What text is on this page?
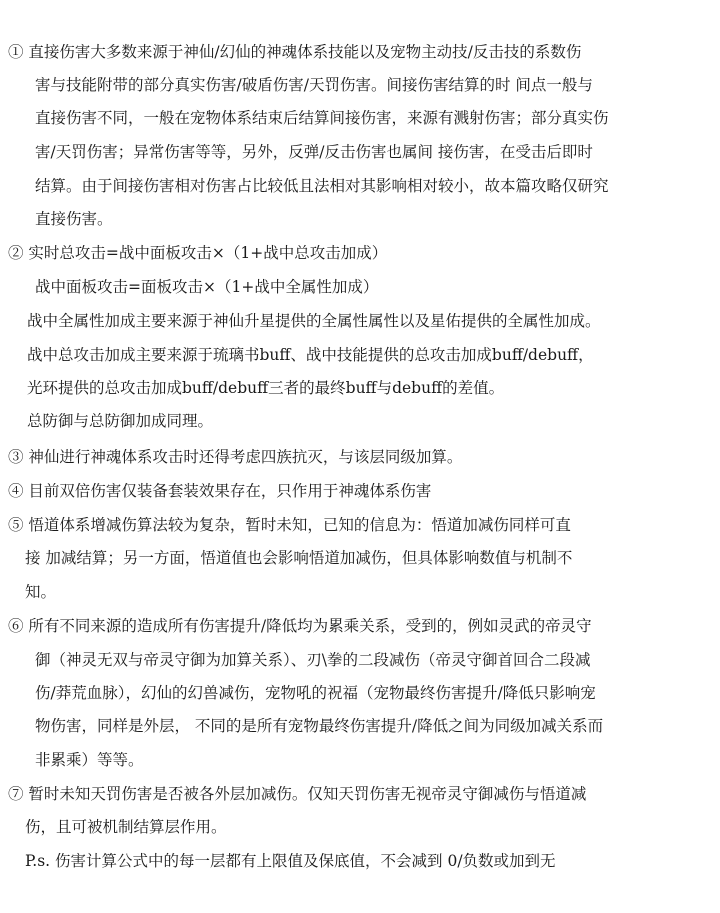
① 直接伤害大多数来源于神仙/幻仙的神魂体系技能以及宠物主动技/反击技的系数伤
害与技能附带的部分真实伤害/破盾伤害/天罚伤害。间接伤害结算的时 间点一般与
直接伤害不同，一般在宠物体系结束后结算间接伤害，来源有溅射伤害；部分真实伤
害/天罚伤害；异常伤害等等，另外，反弹/反击伤害也属间 接伤害，在受击后即时
结算。由于间接伤害相对伤害占比较低且法相对其影响相对较小，故本篇攻略仅研究
直接伤害。
② 实时总攻击=战中面板攻击×（1+战中总攻击加成）
战中面板攻击=面板攻击×（1+战中全属性加成）
战中全属性加成主要来源于神仙升星提供的全属性属性以及星佑提供的全属性加成。
战中总攻击加成主要来源于琉璃书buff、战中技能提供的总攻击加成buff/debuff，
光环提供的总攻击加成buff/debuff三者的最终buff与debuff的差值。
总防御与总防御加成同理。
③ 神仙进行神魂体系攻击时还得考虑四族抗灭，与该层同级加算。
④ 目前双倍伤害仅装备套装效果存在，只作用于神魂体系伤害
⑤ 悟道体系增减伤算法较为复杂，暂时未知，已知的信息为：悟道加减伤同样可直
接 加减结算；另一方面，悟道值也会影响悟道加减伤，但具体影响数值与机制不
知。
⑥ 所有不同来源的造成所有伤害提升/降低均为累乘关系，受到的，例如灵武的帝灵守
御（神灵无双与帝灵守御为加算关系）、刃\拳的二段减伤（帝灵守御首回合二段减
伤/莽荒血脉），幻仙的幻兽减伤，宠物吼的祝福（宠物最终伤害提升/降低只影响宠
物伤害，同样是外层， 不同的是所有宠物最终伤害提升/降低之间为同级加减关系而
非累乘）等等。
⑦ 暂时未知天罚伤害是否被各外层加减伤。仅知天罚伤害无视帝灵守御减伤与悟道减
伤，且可被机制结算层作用。
P.s. 伤害计算公式中的每一层都有上限值及保底值，不会减到 0/负数或加到无
